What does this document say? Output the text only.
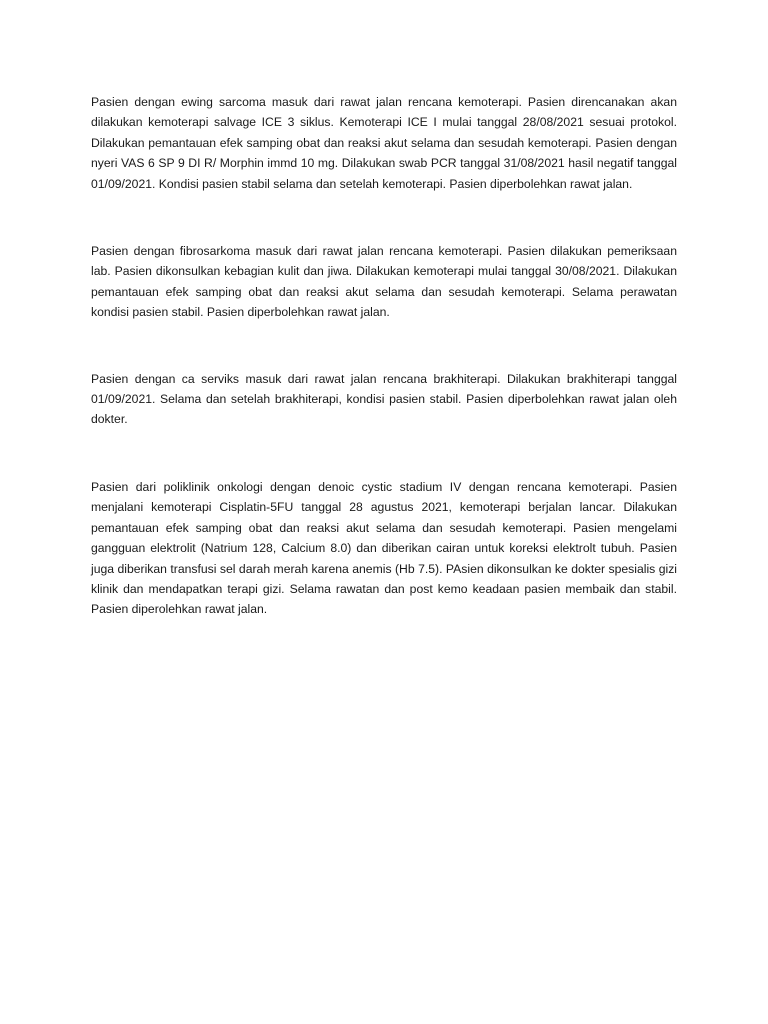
Pasien dengan ewing sarcoma masuk dari rawat jalan rencana kemoterapi. Pasien direncanakan akan dilakukan kemoterapi salvage ICE 3 siklus. Kemoterapi ICE I mulai tanggal 28/08/2021 sesuai protokol. Dilakukan pemantauan efek samping obat dan reaksi akut selama dan sesudah kemoterapi. Pasien dengan nyeri VAS 6 SP 9 DI R/ Morphin immd 10 mg. Dilakukan swab PCR tanggal 31/08/2021 hasil negatif tanggal 01/09/2021. Kondisi pasien stabil selama dan setelah kemoterapi. Pasien diperbolehkan rawat jalan.

Pasien dengan fibrosarkoma masuk dari rawat jalan rencana kemoterapi. Pasien dilakukan pemeriksaan lab. Pasien dikonsulkan kebagian kulit dan jiwa. Dilakukan kemoterapi mulai tanggal 30/08/2021. Dilakukan pemantauan efek samping obat dan reaksi akut selama dan sesudah kemoterapi. Selama perawatan kondisi pasien stabil. Pasien diperbolehkan rawat jalan.

Pasien dengan ca serviks masuk dari rawat jalan rencana brakhiterapi. Dilakukan brakhiterapi tanggal 01/09/2021. Selama dan setelah brakhiterapi, kondisi pasien stabil. Pasien diperbolehkan rawat jalan oleh dokter.

Pasien dari poliklinik onkologi dengan denoic cystic stadium IV dengan rencana kemoterapi. Pasien menjalani kemoterapi Cisplatin-5FU tanggal 28 agustus 2021, kemoterapi berjalan lancar. Dilakukan pemantauan efek samping obat dan reaksi akut selama dan sesudah kemoterapi. Pasien mengelami gangguan elektrolit (Natrium 128, Calcium 8.0) dan diberikan cairan untuk koreksi elektrolt tubuh. Pasien juga diberikan transfusi sel darah merah karena anemis (Hb 7.5). PAsien dikonsulkan ke dokter spesialis gizi klinik dan mendapatkan terapi gizi. Selama rawatan dan post kemo keadaan pasien membaik dan stabil. Pasien diperolehkan rawat jalan.
